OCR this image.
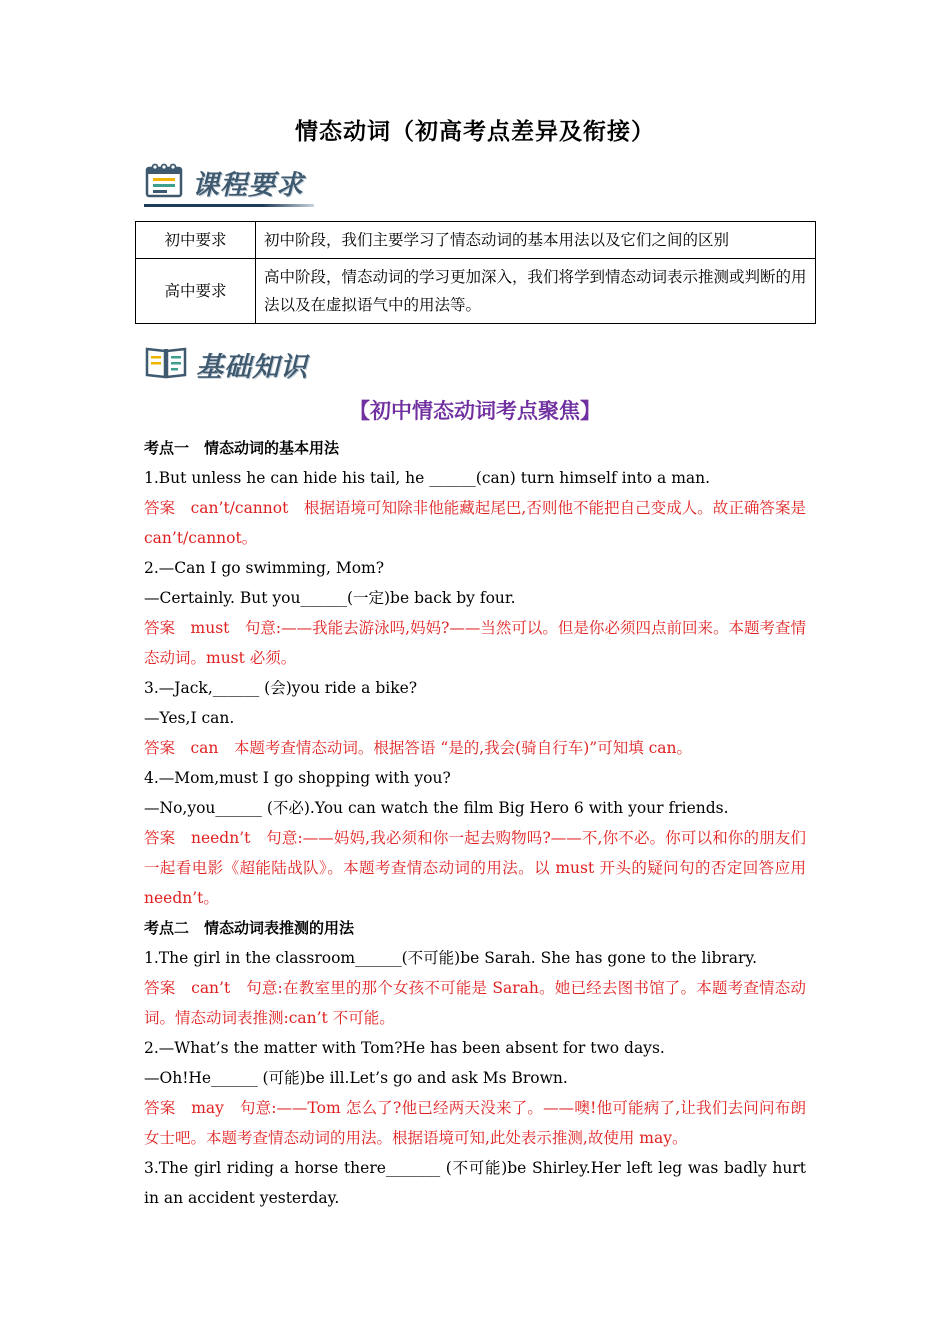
情态动词（初高考点差异及衔接）
课程要求
初中要求	初中阶段，我们主要学习了情态动词的基本用法以及它们之间的区别
高中要求	高中阶段，情态动词的学习更加深入，我们将学到情态动词表示推测或判断的用法以及在虚拟语气中的用法等。
基础知识
【初中情态动词考点聚焦】

考点一　情态动词的基本用法

1.But unless he can hide his tail, he ______(can) turn himself into a man.

答案　can’t/cannot　根据语境可知除非他能藏起尾巴,否则他不能把自己变成人。故正确答案是 can’t/cannot。

2.—Can I go swimming, Mom?

—Certainly. But you______(一定)be back by four.

答案　must　句意:——我能去游泳吗,妈妈?——当然可以。但是你必须四点前回来。本题考查情态动词。must 必须。

3.—Jack,______ (会)you ride a bike?

—Yes,I can.

答案　can　本题考查情态动词。根据答语 “是的,我会(骑自行车)”可知填 can。

4.—Mom,must I go shopping with you?

—No,you______ (不必).You can watch the film Big Hero 6 with your friends.

答案　needn’t　句意:——妈妈,我必须和你一起去购物吗?——不,你不必。你可以和你的朋友们一起看电影《超能陆战队》。本题考查情态动词的用法。以 must 开头的疑问句的否定回答应用 needn’t。

考点二　情态动词表推测的用法

1.The girl in the classroom______(不可能)be Sarah. She has gone to the library.

答案　can’t　句意:在教室里的那个女孩不可能是 Sarah。她已经去图书馆了。本题考查情态动词。情态动词表推测:can’t 不可能。

2.—What’s the matter with Tom?He has been absent for two days.

—Oh!He______ (可能)be ill.Let’s go and ask Ms Brown.

答案　may　句意:——Tom 怎么了?他已经两天没来了。——噢!他可能病了,让我们去问问布朗女士吧。本题考查情态动词的用法。根据语境可知,此处表示推测,故使用 may。

3.The girl riding a horse there_______ (不可能)be Shirley.Her left leg was badly hurt in an accident yesterday.
